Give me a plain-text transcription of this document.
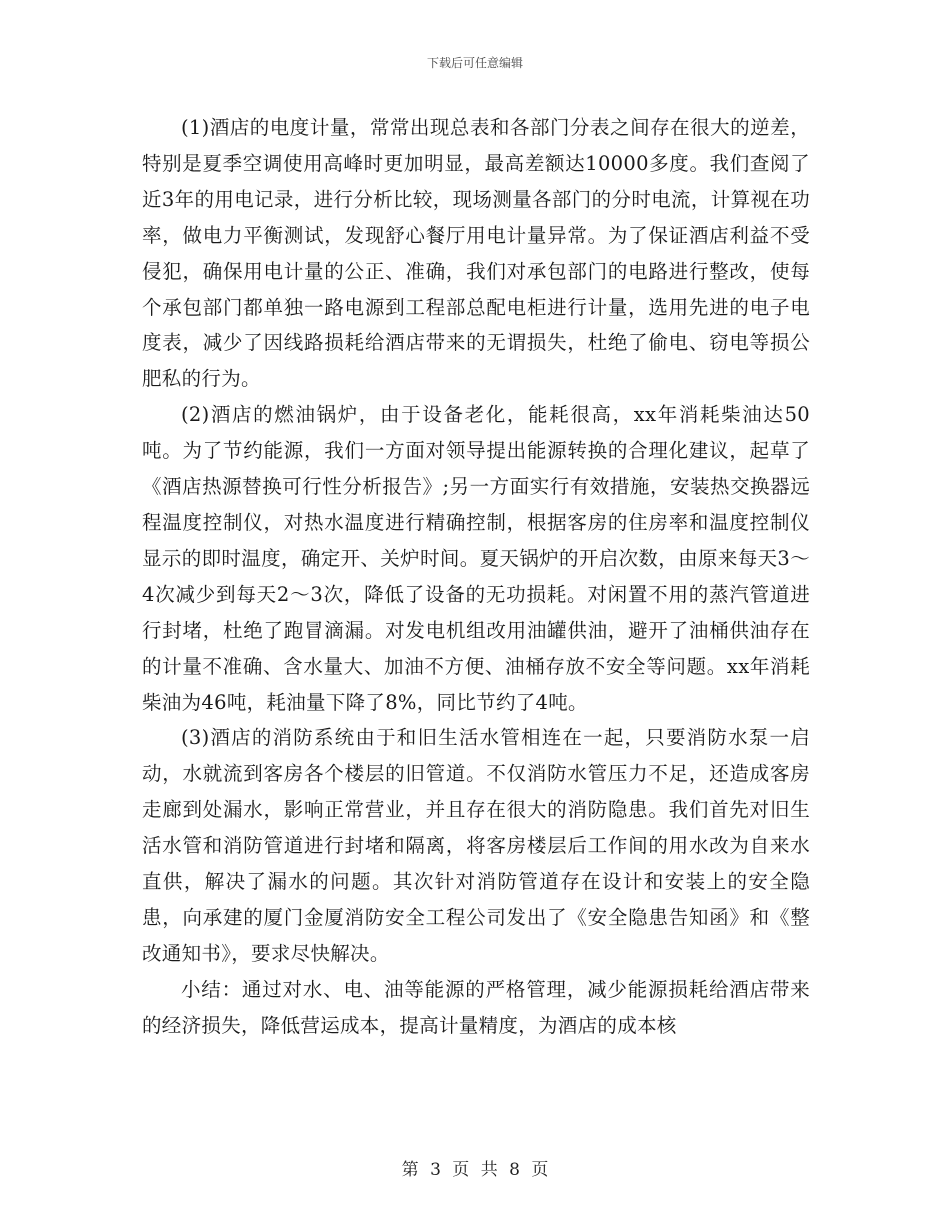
下载后可任意编辑

(1)酒店的电度计量，常常出现总表和各部门分表之间存在很大的逆差，特别是夏季空调使用高峰时更加明显，最高差额达10000多度。我们查阅了近3年的用电记录，进行分析比较，现场测量各部门的分时电流，计算视在功率，做电力平衡测试，发现舒心餐厅用电计量异常。为了保证酒店利益不受侵犯，确保用电计量的公正、准确，我们对承包部门的电路进行整改，使每个承包部门都单独一路电源到工程部总配电柜进行计量，选用先进的电子电度表，减少了因线路损耗给酒店带来的无谓损失，杜绝了偷电、窃电等损公肥私的行为。

(2)酒店的燃油锅炉，由于设备老化，能耗很高，xx年消耗柴油达50吨。为了节约能源，我们一方面对领导提出能源转换的合理化建议，起草了《酒店热源替换可行性分析报告》;另一方面实行有效措施，安装热交换器远程温度控制仪，对热水温度进行精确控制，根据客房的住房率和温度控制仪显示的即时温度，确定开、关炉时间。夏天锅炉的开启次数，由原来每天3～4次减少到每天2～3次，降低了设备的无功损耗。对闲置不用的蒸汽管道进行封堵，杜绝了跑冒滴漏。对发电机组改用油罐供油，避开了油桶供油存在的计量不准确、含水量大、加油不方便、油桶存放不安全等问题。xx年消耗柴油为46吨，耗油量下降了8%，同比节约了4吨。

(3)酒店的消防系统由于和旧生活水管相连在一起，只要消防水泵一启动，水就流到客房各个楼层的旧管道。不仅消防水管压力不足，还造成客房走廊到处漏水，影响正常营业，并且存在很大的消防隐患。我们首先对旧生活水管和消防管道进行封堵和隔离，将客房楼层后工作间的用水改为自来水直供，解决了漏水的问题。其次针对消防管道存在设计和安装上的安全隐患，向承建的厦门金厦消防安全工程公司发出了《安全隐患告知函》和《整改通知书》，要求尽快解决。

小结：通过对水、电、油等能源的严格管理，减少能源损耗给酒店带来的经济损失，降低营运成本，提高计量精度，为酒店的成本核

第 3 页 共 8 页
